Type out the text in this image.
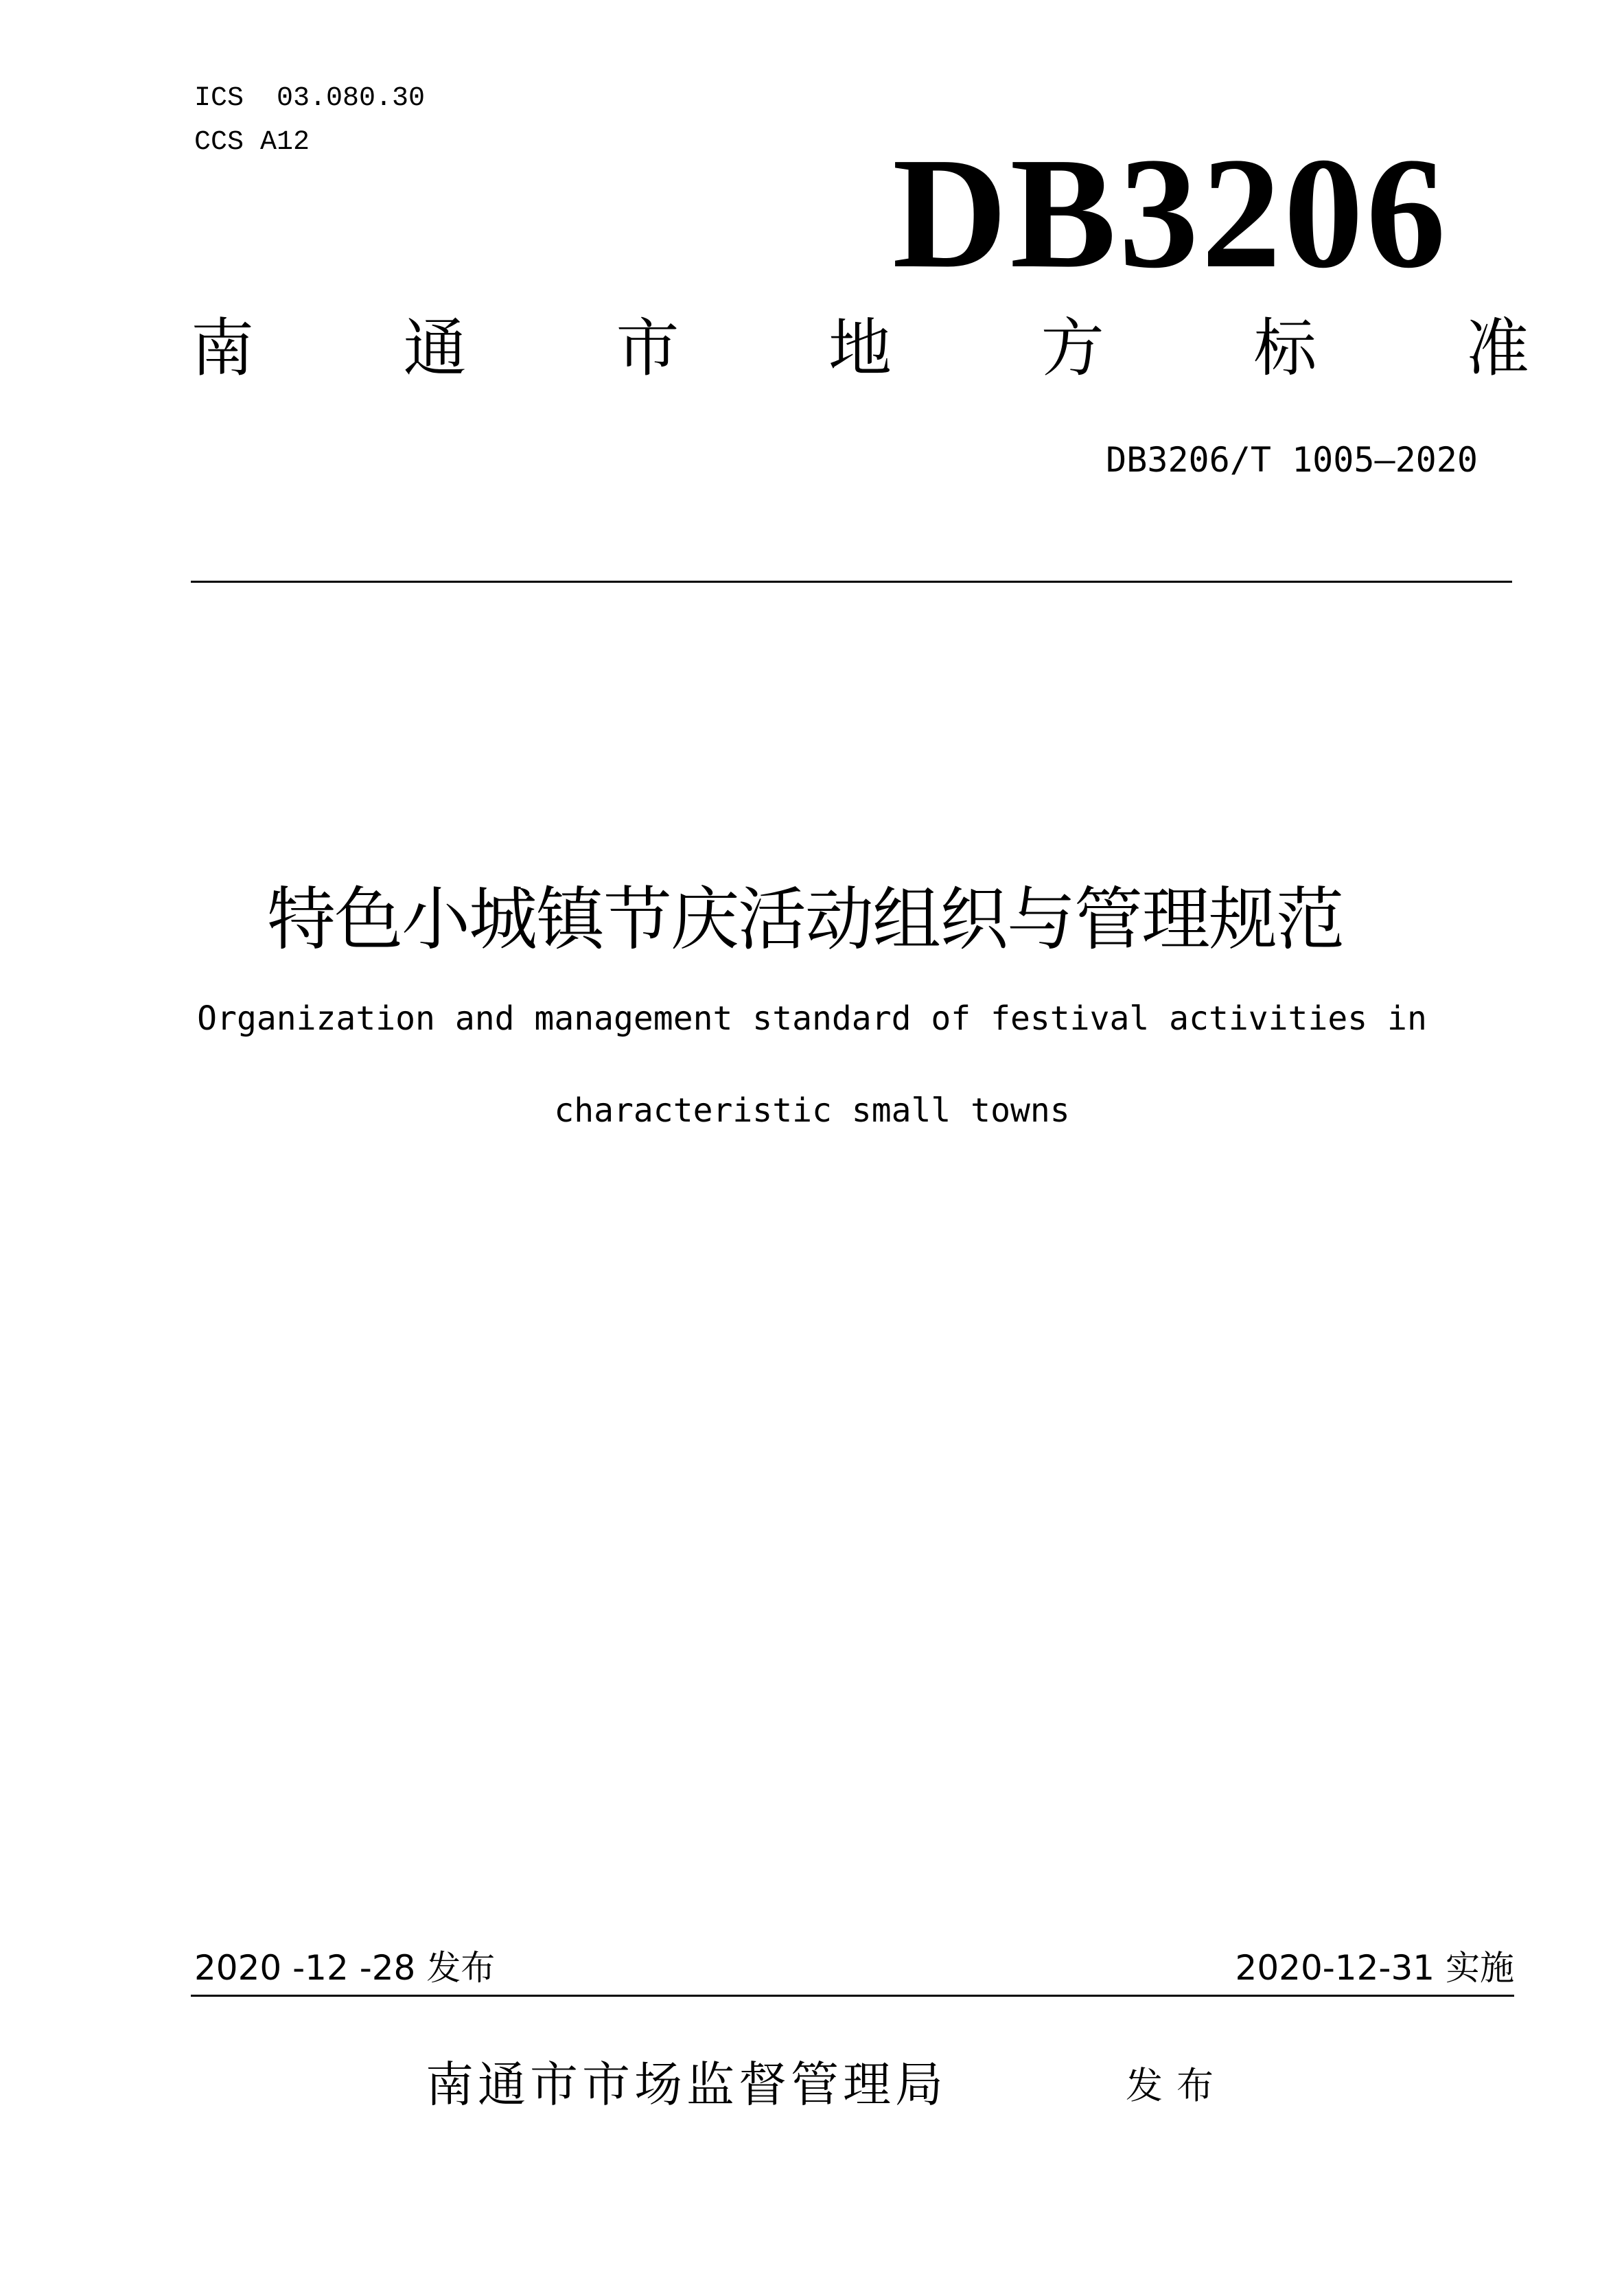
ICS  03.080.30
CCS A12	DB3206
南 通 市 地 方 标 准
DB3206/T 1005—2020
特色小城镇节庆活动组织与管理规范
Organization and management standard of festival activities in
characteristic small towns
2020 -12 -28 发布	2020-12-31 实施
南通市市场监督管理局	发布
